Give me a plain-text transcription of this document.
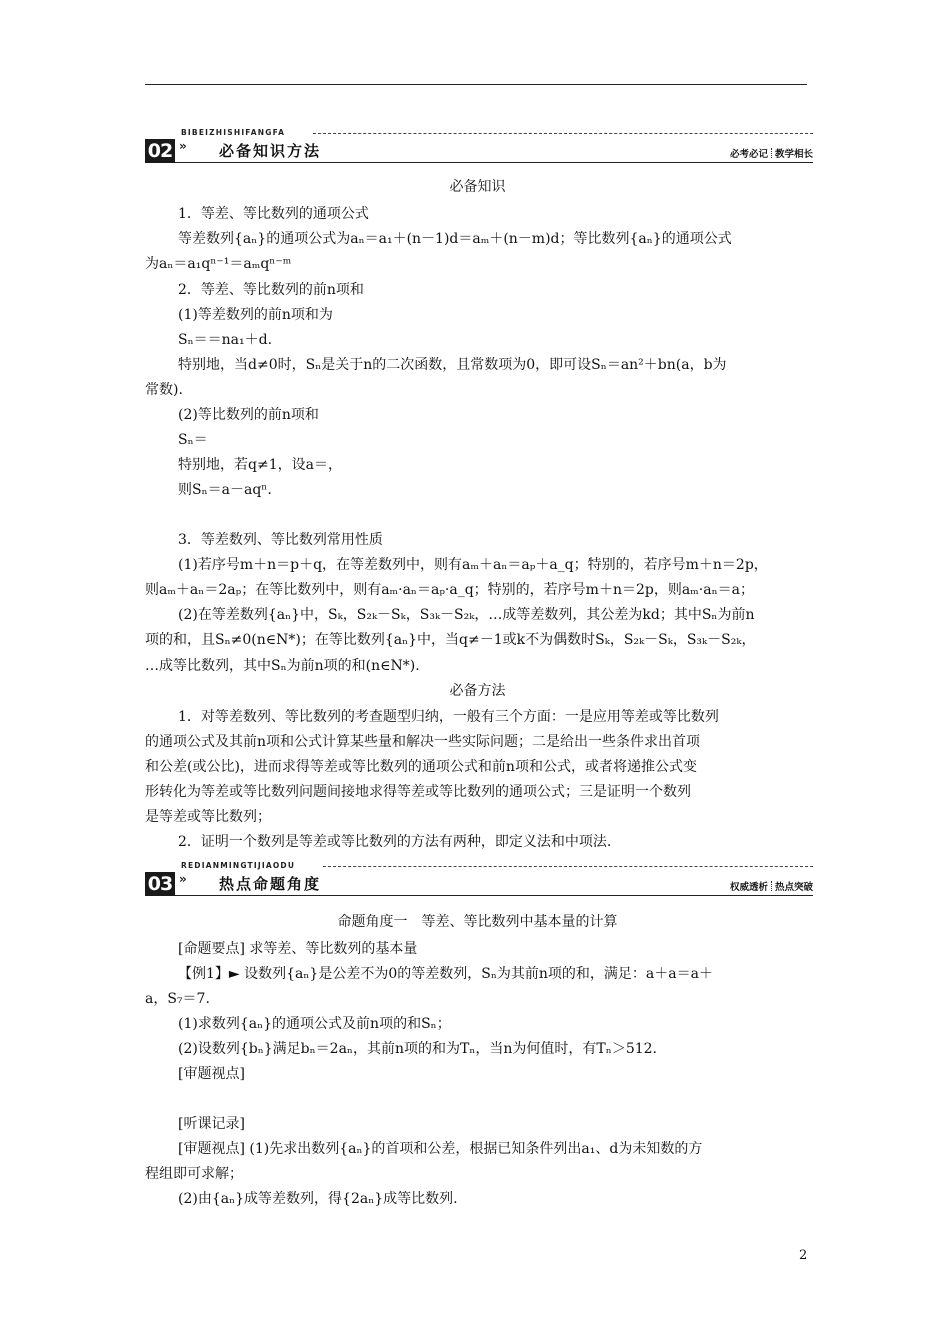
BIBEIZHISHIFANGFA
02 » 必备知识方法	必考必记 教学相长
REDIANMINGTIJIAODU
03 » 热点命题角度	权威透析 热点突破
必备知识
1．等差、等比数列的通项公式
等差数列{aₙ}的通项公式为aₙ＝a₁＋(n－1)d＝aₘ＋(n－m)d；等比数列{aₙ}的通项公式
为aₙ＝a₁qⁿ⁻¹＝aₘqⁿ⁻ᵐ
2．等差、等比数列的前n项和
(1)等差数列的前n项和为
Sₙ＝＝na₁＋d.
特别地，当d≠0时，Sₙ是关于n的二次函数，且常数项为0，即可设Sₙ＝an²＋bn(a，b为
常数).
(2)等比数列的前n项和
Sₙ＝
特别地，若q≠1，设a＝，
则Sₙ＝a－aqⁿ.
3．等差数列、等比数列常用性质
(1)若序号m＋n＝p＋q，在等差数列中，则有aₘ＋aₙ＝aₚ＋a_q；特别的，若序号m＋n＝2p，
则aₘ＋aₙ＝2aₚ；在等比数列中，则有aₘ·aₙ＝aₚ·a_q；特别的，若序号m＋n＝2p，则aₘ·aₙ＝a；
(2)在等差数列{aₙ}中，Sₖ，S₂ₖ－Sₖ，S₃ₖ－S₂ₖ，…成等差数列，其公差为kd；其中Sₙ为前n
项的和，且Sₙ≠0(n∈N*)；在等比数列{aₙ}中，当q≠－1或k不为偶数时Sₖ，S₂ₖ－Sₖ，S₃ₖ－S₂ₖ，
…成等比数列，其中Sₙ为前n项的和(n∈N*).
必备方法
1．对等差数列、等比数列的考查题型归纳，一般有三个方面：一是应用等差或等比数列
的通项公式及其前n项和公式计算某些量和解决一些实际问题；二是给出一些条件求出首项
和公差(或公比)，进而求得等差或等比数列的通项公式和前n项和公式，或者将递推公式变
形转化为等差或等比数列问题间接地求得等差或等比数列的通项公式；三是证明一个数列
是等差或等比数列；
2．证明一个数列是等差或等比数列的方法有两种，即定义法和中项法.
命题角度一　等差、等比数列中基本量的计算
[命题要点] 求等差、等比数列的基本量
【例1】► 设数列{aₙ}是公差不为0的等差数列，Sₙ为其前n项的和，满足：a＋a＝a＋
a，S₇＝7.
(1)求数列{aₙ}的通项公式及前n项的和Sₙ；
(2)设数列{bₙ}满足bₙ＝2aₙ，其前n项的和为Tₙ，当n为何值时，有Tₙ＞512.
[审题视点]
[听课记录]
[审题视点] (1)先求出数列{aₙ}的首项和公差，根据已知条件列出a₁、d为未知数的方
程组即可求解；
(2)由{aₙ}成等差数列，得{2aₙ}成等比数列.
2
